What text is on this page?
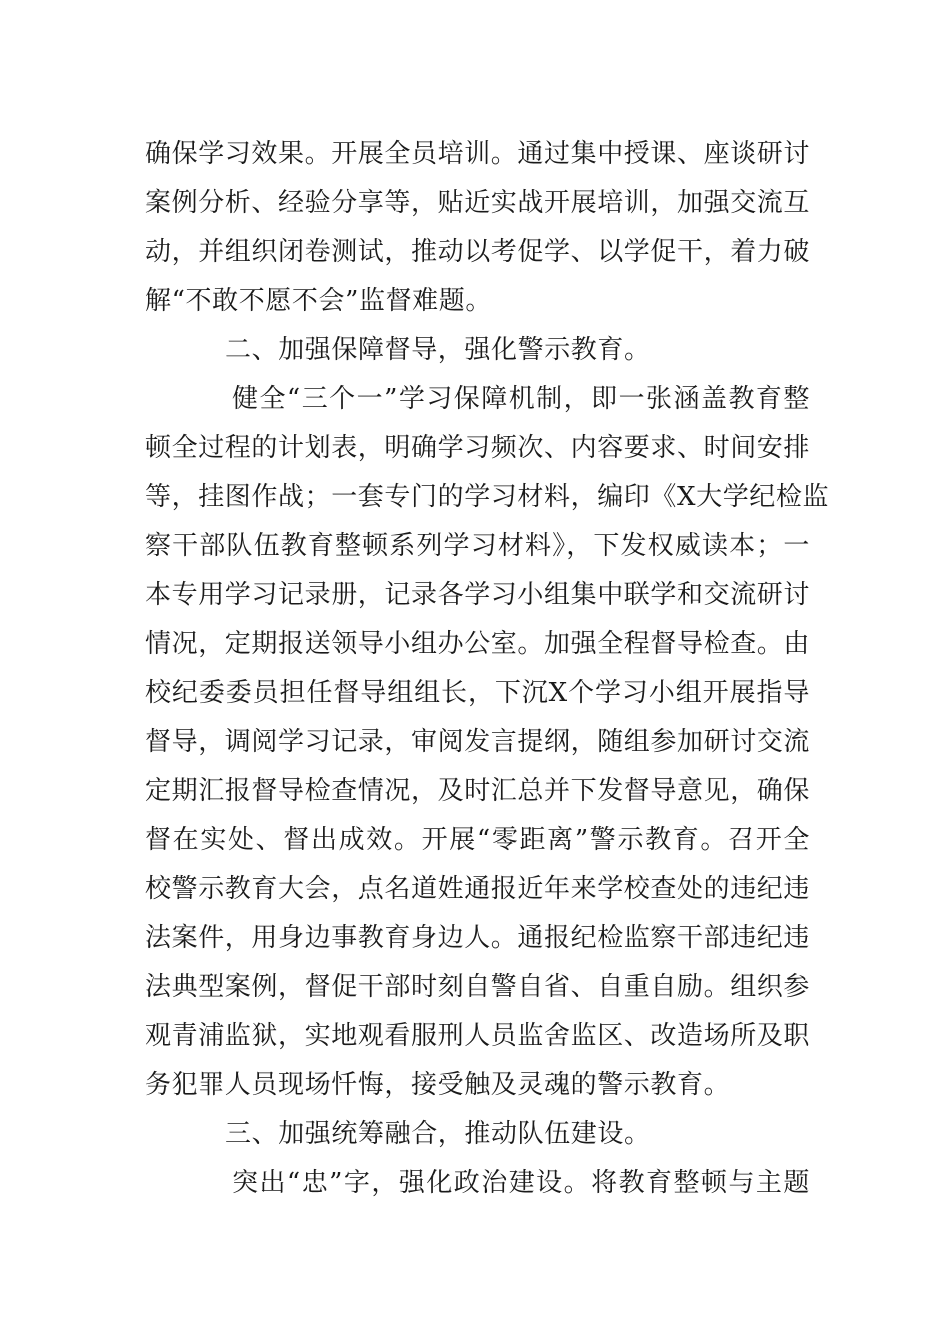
确保学习效果。开展全员培训。通过集中授课、座谈研讨
案例分析、经验分享等，贴近实战开展培训，加强交流互
动，并组织闭卷测试，推动以考促学、以学促干，着力破
解“不敢不愿不会”监督难题。
二、加强保障督导，强化警示教育。
健全“三个一”学习保障机制，即一张涵盖教育整
顿全过程的计划表，明确学习频次、内容要求、时间安排
等，挂图作战；一套专门的学习材料，编印《X大学纪检监
察干部队伍教育整顿系列学习材料》，下发权威读本；一
本专用学习记录册，记录各学习小组集中联学和交流研讨
情况，定期报送领导小组办公室。加强全程督导检查。由
校纪委委员担任督导组组长，下沉X个学习小组开展指导
督导，调阅学习记录，审阅发言提纲，随组参加研讨交流
定期汇报督导检查情况，及时汇总并下发督导意见，确保
督在实处、督出成效。开展“零距离”警示教育。召开全
校警示教育大会，点名道姓通报近年来学校查处的违纪违
法案件，用身边事教育身边人。通报纪检监察干部违纪违
法典型案例，督促干部时刻自警自省、自重自励。组织参
观青浦监狱，实地观看服刑人员监舍监区、改造场所及职
务犯罪人员现场忏悔，接受触及灵魂的警示教育。
三、加强统筹融合，推动队伍建设。
突出“忠”字，强化政治建设。将教育整顿与主题
